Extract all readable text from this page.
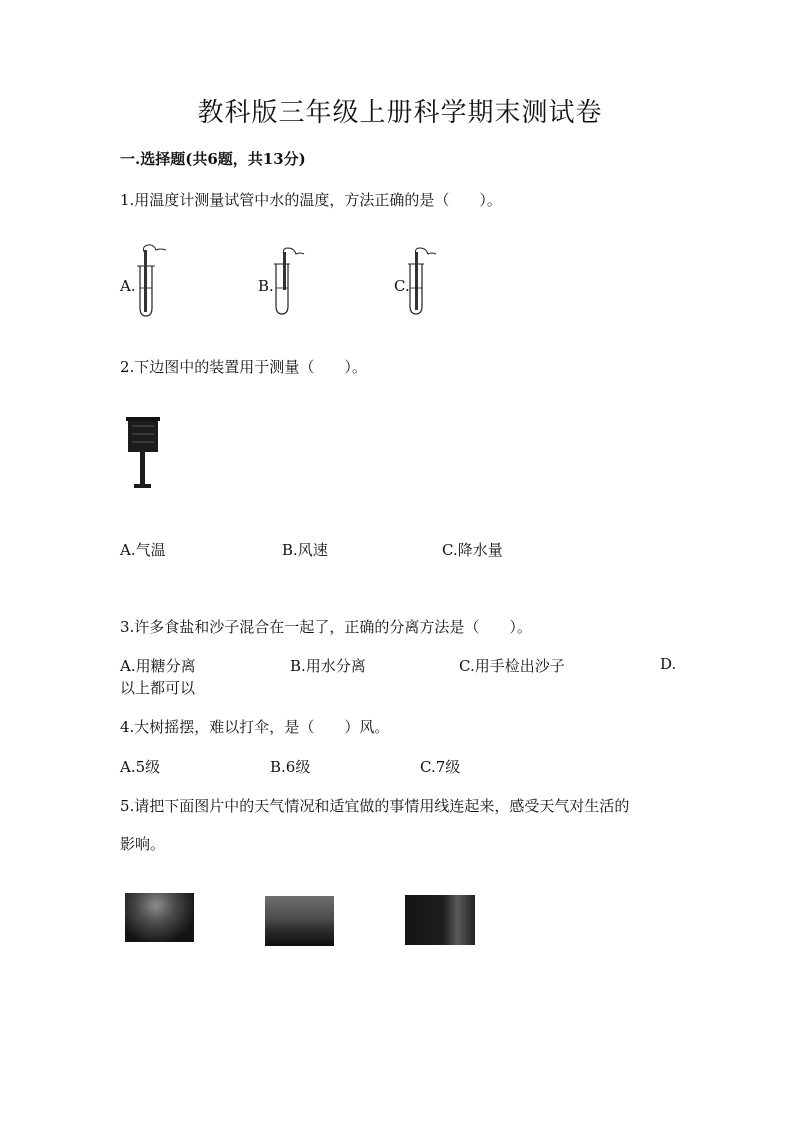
教科版三年级上册科学期末测试卷
一.选择题(共6题，共13分)
1.用温度计测量试管中水的温度，方法正确的是（　　）。
A.	B.	C.
2.下边图中的装置用于测量（　　）。
A.气温	B.风速	C.降水量
3.许多食盐和沙子混合在一起了，正确的分离方法是（　　）。
A.用糖分离	B.用水分离	C.用手检出沙子	D.
以上都可以
4.大树摇摆，难以打伞，是（　　）风。
A.5级	B.6级	C.7级
5.请把下面图片中的天气情况和适宜做的事情用线连起来，感受天气对生活的
影响。
